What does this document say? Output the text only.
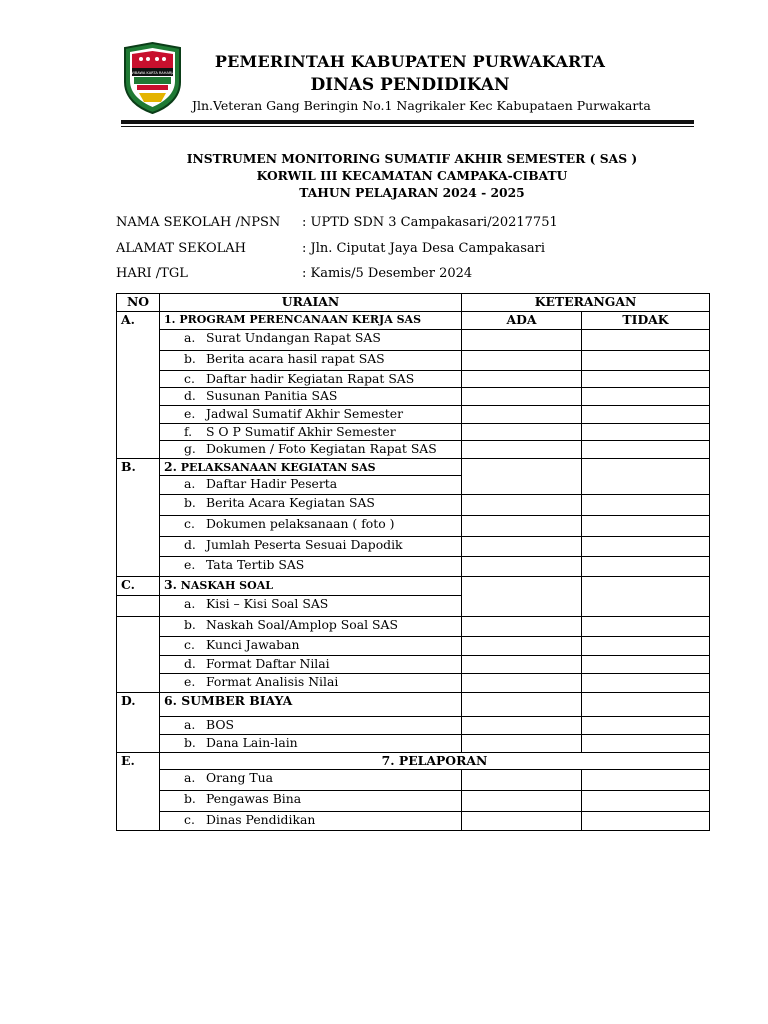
WIBAWA KARTA RAHARJA
PEMERINTAH KABUPATEN PURWAKARTA
DINAS PENDIDIKAN
Jln.Veteran Gang Beringin No.1 Nagrikaler Kec Kabupataen Purwakarta
INSTRUMEN MONITORING SUMATIF AKHIR SEMESTER ( SAS )
KORWIL III KECAMATAN CAMPAKA-CIBATU
TAHUN PELAJARAN 2024 - 2025
NAMA SEKOLAH /NPSN : UPTD SDN 3 Campakasari/20217751
ALAMAT SEKOLAH	: Jln. Ciputat Jaya Desa Campakasari
HARI /TGL	: Kamis/5 Desember 2024
NO	URAIAN	KETERANGAN	
A.	1. PROGRAM PERENCANAAN KERJA SAS	ADA	TIDAK
	a. Surat Undangan Rapat SAS		
	b. Berita acara hasil rapat SAS		
	c. Daftar hadir Kegiatan Rapat SAS		
	d. Susunan Panitia SAS		
	e. Jadwal Sumatif Akhir Semester		
	f. S O P Sumatif Akhir Semester		
	g. Dokumen / Foto Kegiatan Rapat SAS		
B.	2. PELAKSANAAN KEGIATAN SAS		
	a. Daftar Hadir Peserta		
	b. Berita Acara Kegiatan SAS		
	c. Dokumen pelaksanaan ( foto )		
	d. Jumlah Peserta Sesuai Dapodik		
	e. Tata Tertib SAS		
C.	3. NASKAH SOAL		
	a. Kisi – Kisi Soal SAS		
	b. Naskah Soal/Amplop Soal SAS		
	c. Kunci Jawaban		
	d. Format Daftar Nilai		
	e. Format Analisis Nilai		
D.	6. SUMBER BIAYA		
	a. BOS		
	b. Dana Lain-lain		
E.	7. PELAPORAN		
	a. Orang Tua		
	b. Pengawas Bina		
	c. Dinas Pendidikan		
